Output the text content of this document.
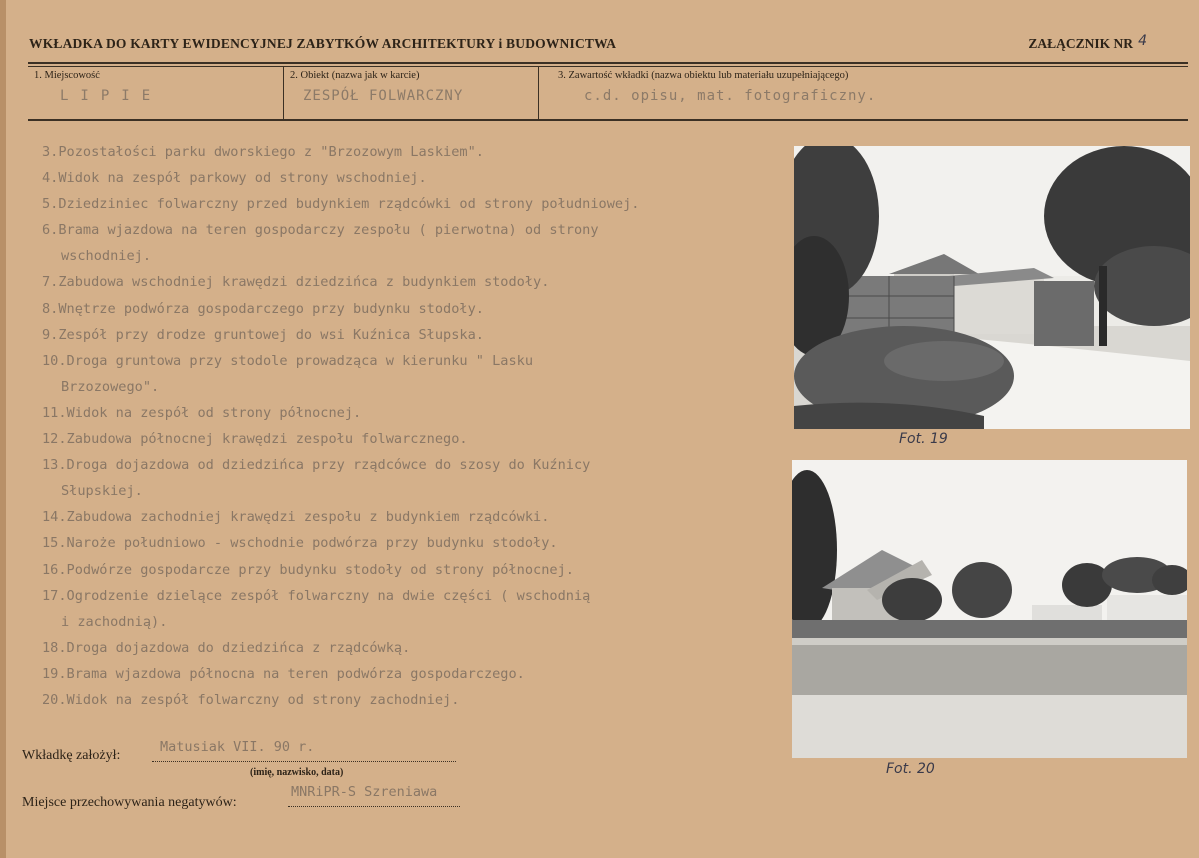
WKŁADKA DO KARTY EWIDENCYJNEJ ZABYTKÓW ARCHITEKTURY i BUDOWNICTWA	ZAŁĄCZNIK NR 4
1. Miejscowość
LIPIE
2. Obiekt (nazwa jak w karcie)
ZESPÓŁ FOLWARCZNY
3. Zawartość wkładki (nazwa obiektu lub materiału uzupełniającego)
c.d. opisu, mat. fotograficzny.
3.Pozostałości parku dworskiego z "Brzozowym Laskiem".
4.Widok na zespół parkowy od strony wschodniej.
5.Dziedziniec folwarczny przed budynkiem rządcówki od strony południowej.
6.Brama wjazdowa na teren gospodarczy zespołu ( pierwotna) od strony
wschodniej.
7.Zabudowa wschodniej krawędzi dziedzińca z budynkiem stodoły.
8.Wnętrze podwórza gospodarczego przy budynku stodoły.
9.Zespół przy drodze gruntowej do wsi Kuźnica Słupska.
10.Droga gruntowa przy stodole prowadząca w kierunku " Lasku
Brzozowego".
11.Widok na zespół od strony północnej.
12.Zabudowa północnej krawędzi zespołu folwarcznego.
13.Droga dojazdowa od dziedzińca przy rządcówce do szosy do Kuźnicy
Słupskiej.
14.Zabudowa zachodniej krawędzi zespołu z budynkiem rządcówki.
15.Naroże południowo - wschodnie podwórza przy budynku stodoły.
16.Podwórze gospodarcze przy budynku stodoły od strony północnej.
17.Ogrodzenie dzielące zespół folwarczny na dwie części ( wschodnią
i zachodnią).
18.Droga dojazdowa do dziedzińca z rządcówką.
19.Brama wjazdowa północna na teren podwórza gospodarczego.
20.Widok na zespół folwarczny od strony zachodniej.
Fot. 19
Fot. 20
Wkładkę założył:
Matusiak VII. 90 r.
(imię, nazwisko, data)
Miejsce przechowywania negatywów:
MNRiPR-S Szreniawa
